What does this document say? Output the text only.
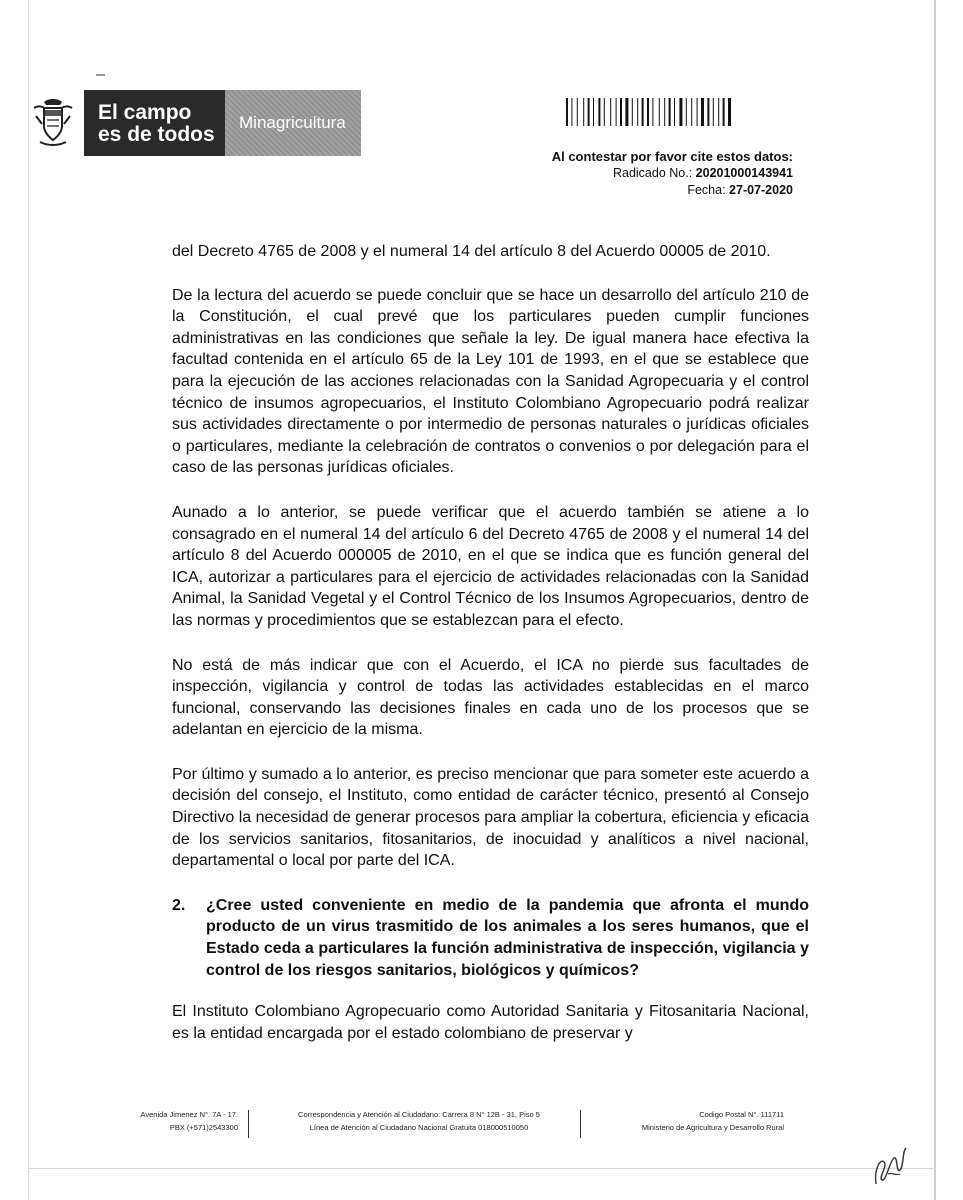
El campo
es de todos
Minagricultura
Al contestar por favor cite estos datos:
Radicado No.: 20201000143941
Fecha: 27-07-2020

del Decreto 4765 de 2008 y el numeral 14 del artículo 8 del Acuerdo 00005 de 2010.

De la lectura del acuerdo se puede concluir que se hace un desarrollo del artículo 210 de la Constitución, el cual prevé que los particulares pueden cumplir funciones administrativas en las condiciones que señale la ley. De igual manera hace efectiva la facultad contenida en el artículo 65 de la Ley 101 de 1993, en el que se establece que para la ejecución de las acciones relacionadas con la Sanidad Agropecuaria y el control técnico de insumos agropecuarios, el Instituto Colombiano Agropecuario podrá realizar sus actividades directamente o por intermedio de personas naturales o jurídicas oficiales o particulares, mediante la celebración de contratos o convenios o por delegación para el caso de las personas jurídicas oficiales.

Aunado a lo anterior, se puede verificar que el acuerdo también se atiene a lo consagrado en el numeral 14 del artículo 6 del Decreto 4765 de 2008 y el numeral 14 del artículo 8 del Acuerdo 000005 de 2010, en el que se indica que es función general del ICA, autorizar a particulares para el ejercicio de actividades relacionadas con la Sanidad Animal, la Sanidad Vegetal y el Control Técnico de los Insumos Agropecuarios, dentro de las normas y procedimientos que se establezcan para el efecto.

No está de más indicar que con el Acuerdo, el ICA no pierde sus facultades de inspección, vigilancia y control de todas las actividades establecidas en el marco funcional, conservando las decisiones finales en cada uno de los procesos que se adelantan en ejercicio de la misma.

Por último y sumado a lo anterior, es preciso mencionar que para someter este acuerdo a decisión del consejo, el Instituto, como entidad de carácter técnico, presentó al Consejo Directivo la necesidad de generar procesos para ampliar la cobertura, eficiencia y eficacia de los servicios sanitarios, fitosanitarios, de inocuidad y analíticos a nivel nacional, departamental o local por parte del ICA.

2.	¿Cree usted conveniente en medio de la pandemia que afronta el mundo producto de un virus trasmitido de los animales a los seres humanos, que el Estado ceda a particulares la función administrativa de inspección, vigilancia y control de los riesgos sanitarios, biológicos y químicos?

El Instituto Colombiano Agropecuario como Autoridad Sanitaria y Fitosanitaria Nacional, es la entidad encargada por el estado colombiano de preservar y

Avenida Jimenez N°. 7A - 17.
PBX (+571)2543300
Correspondencia y Atención al Ciudadano: Carrera 8 N° 12B - 31, Piso 5
Línea de Atención al Ciudadano Nacional Gratuita 018000510050
Codigo Postal N°. 111711
Ministerio de Agricultura y Desarrollo Rural
